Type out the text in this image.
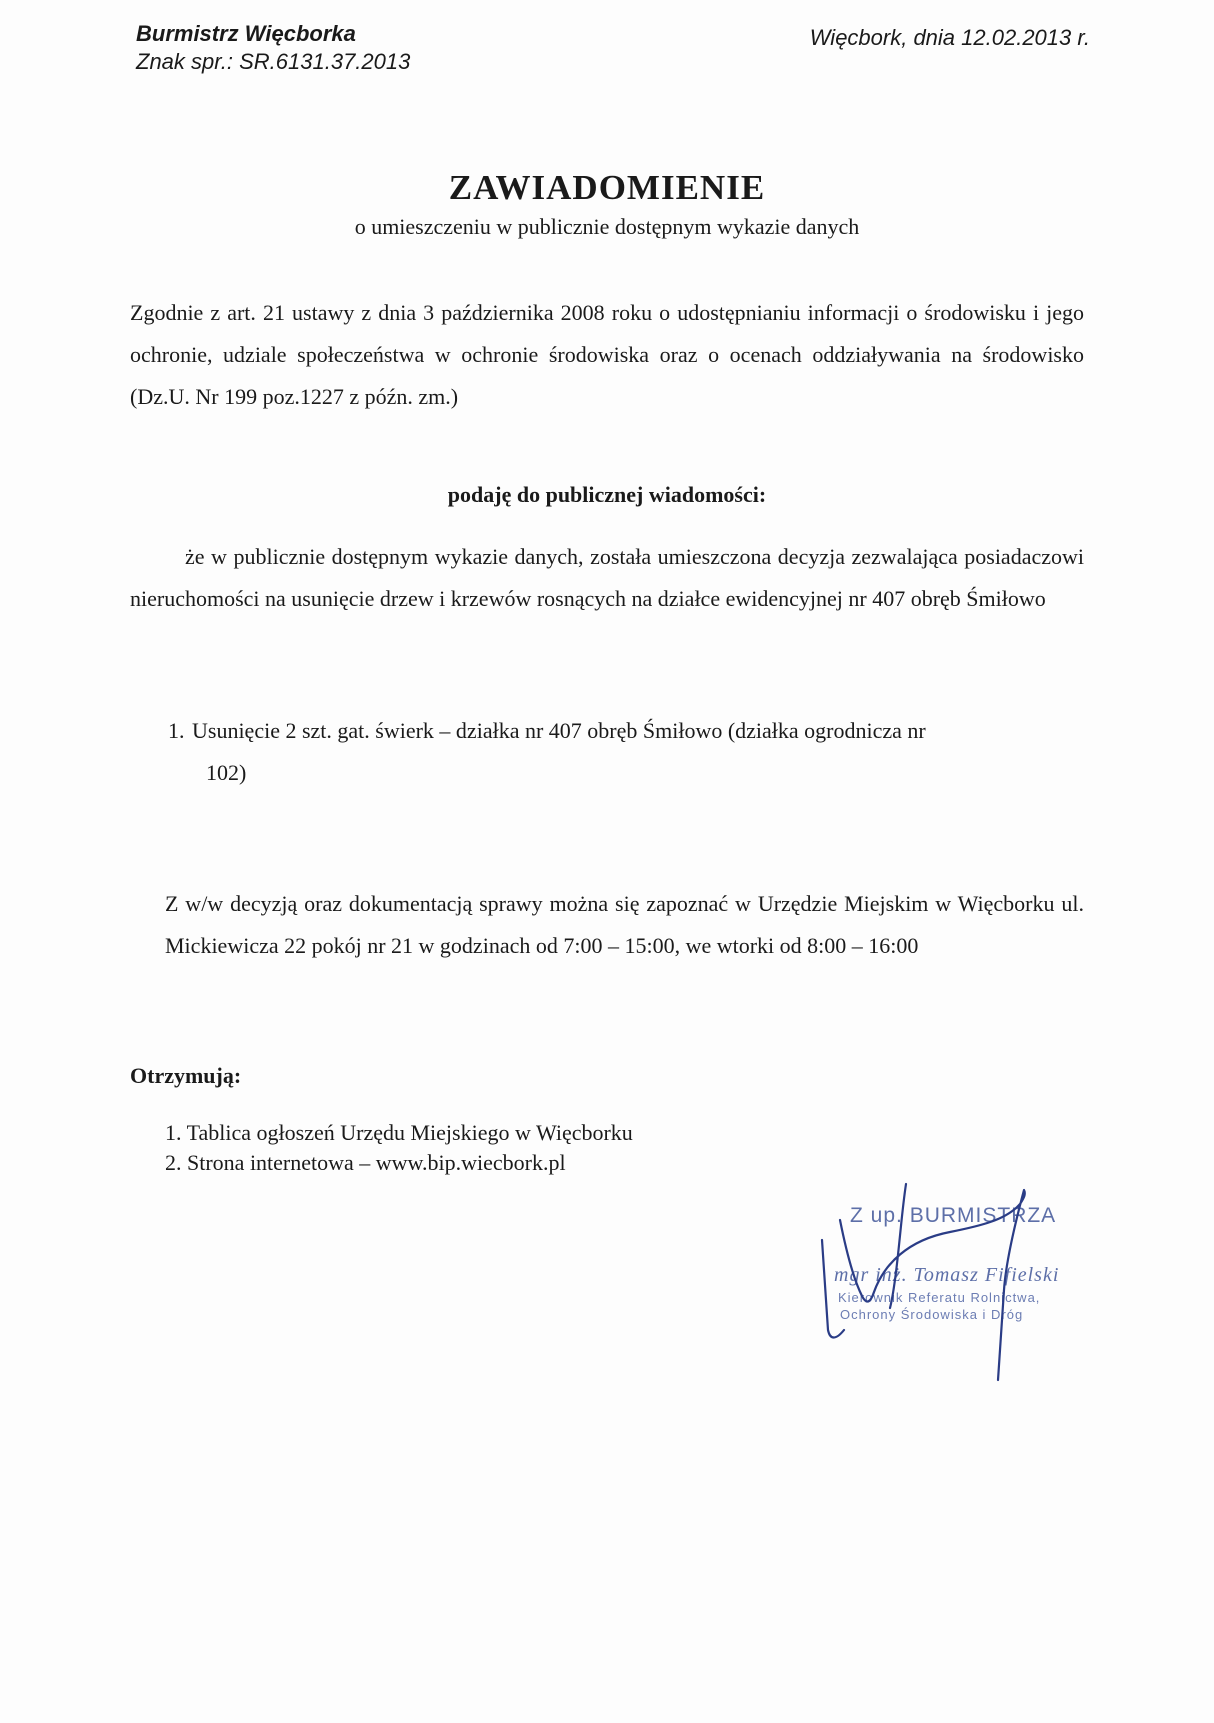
Burmistrz Więcborka
Znak spr.: SR.6131.37.2013
Więcbork, dnia 12.02.2013 r.
ZAWIADOMIENIE
o umieszczeniu w publicznie dostępnym wykazie danych
Zgodnie z art. 21 ustawy z dnia 3 października 2008 roku o udostępnianiu informacji o środowisku i jego ochronie, udziale społeczeństwa w ochronie środowiska oraz o ocenach oddziaływania na środowisko (Dz.U. Nr 199 poz.1227 z późn. zm.)
podaję do publicznej wiadomości:
że w publicznie dostępnym wykazie danych, została umieszczona decyzja zezwalająca posiadaczowi nieruchomości na usunięcie drzew i krzewów rosnących na działce ewidencyjnej nr 407 obręb Śmiłowo
1. Usunięcie 2 szt. gat. świerk – działka nr 407 obręb Śmiłowo (działka ogrodnicza nr
102)
Z w/w decyzją oraz dokumentacją sprawy można się zapoznać w Urzędzie Miejskim w Więcborku ul. Mickiewicza 22 pokój nr 21 w godzinach od 7:00 – 15:00, we wtorki od 8:00 – 16:00
Otrzymują:
1. Tablica ogłoszeń Urzędu Miejskiego w Więcborku
2. Strona internetowa – www.bip.wiecbork.pl
Z up. BURMISTRZA
mgr inż. Tomasz Fifielski
Kierownik Referatu Rolnictwa,
Ochrony Środowiska i Dróg
